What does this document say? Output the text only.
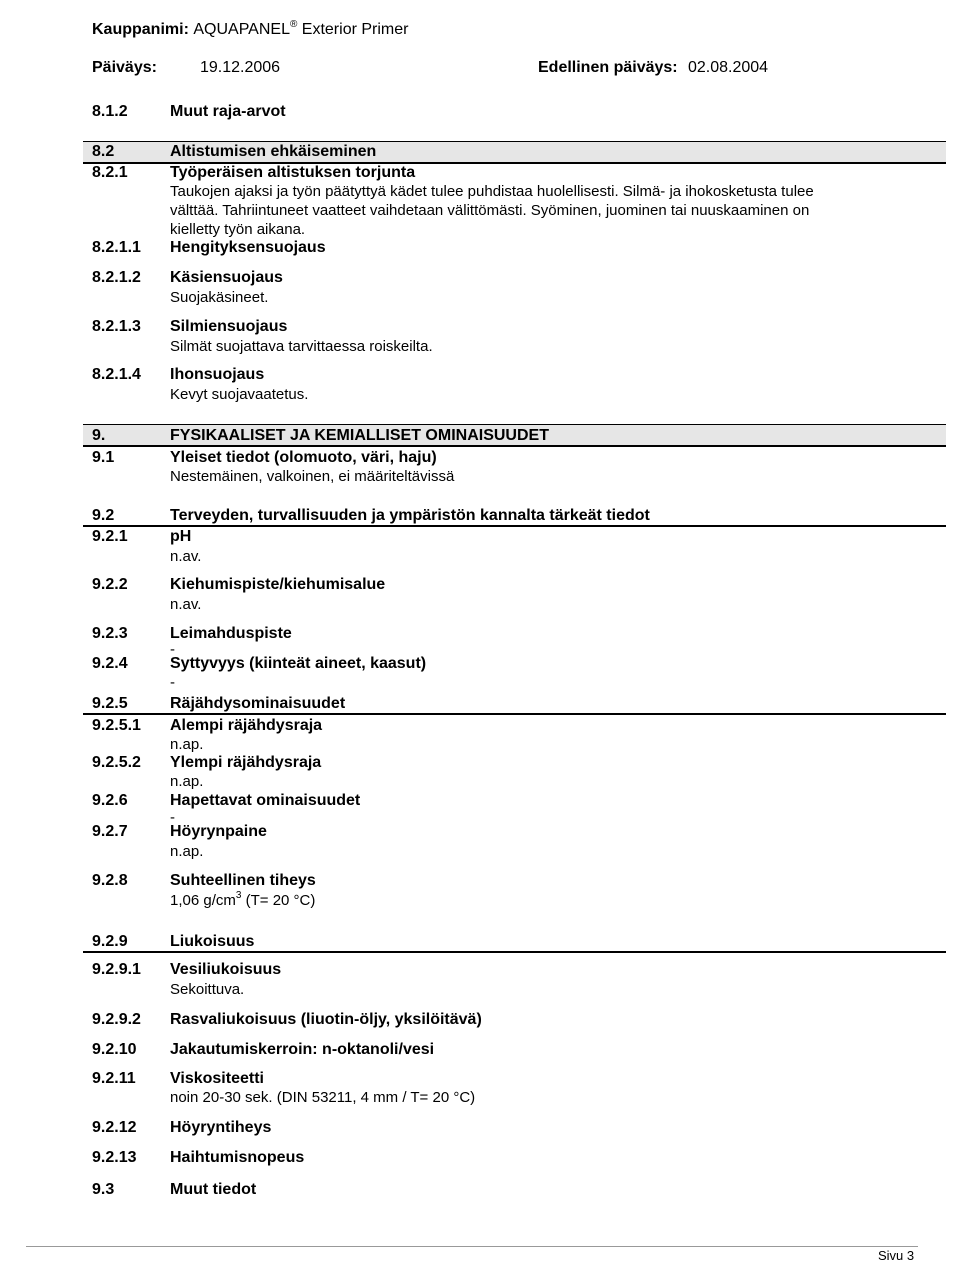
Kauppanimi: AQUAPANEL® Exterior Primer
Päiväys:	19.12.2006	Edellinen päiväys: 02.08.2004
8.1.2	Muut raja-arvot
8.2	Altistumisen ehkäiseminen
8.2.1	Työperäisen altistuksen torjunta
Taukojen ajaksi ja työn päätyttyä kädet tulee puhdistaa huolellisesti. Silmä- ja ihokosketusta tulee
välttää. Tahriintuneet vaatteet vaihdetaan välittömästi. Syöminen, juominen tai nuuskaaminen on
kielletty työn aikana.
8.2.1.1 Hengityksensuojaus
8.2.1.2 Käsiensuojaus
Suojakäsineet.
8.2.1.3 Silmiensuojaus
Silmät suojattava tarvittaessa roiskeilta.
8.2.1.4 Ihonsuojaus
Kevyt suojavaatetus.
9.	FYSIKAALISET JA KEMIALLISET OMINAISUUDET
9.1	Yleiset tiedot (olomuoto, väri, haju)
Nestemäinen, valkoinen, ei määriteltävissä
9.2	Terveyden, turvallisuuden ja ympäristön kannalta tärkeät tiedot
9.2.1	pH
n.av.
9.2.2	Kiehumispiste/kiehumisalue
n.av.
9.2.3	Leimahduspiste
-
9.2.4	Syttyvyys (kiinteät aineet, kaasut)
-
9.2.5	Räjähdysominaisuudet
9.2.5.1 Alempi räjähdysraja
n.ap.
9.2.5.2 Ylempi räjähdysraja
n.ap.
9.2.6	Hapettavat ominaisuudet
-
9.2.7	Höyrynpaine
n.ap.
9.2.8	Suhteellinen tiheys
1,06 $g/cm^3$ (T= 20 °C)
9.2.9	Liukoisuus
9.2.9.1 Vesiliukoisuus
Sekoittuva.
9.2.9.2 Rasvaliukoisuus (liuotin-öljy, yksilöitävä)
9.2.10 Jakautumiskerroin: n-oktanoli/vesi
9.2.11 Viskositeetti
noin 20-30 sek. (DIN 53211, 4 mm / T= 20 °C)
9.2.12 Höyryntiheys
9.2.13 Haihtumisnopeus
9.3	Muut tiedot
Sivu 3
